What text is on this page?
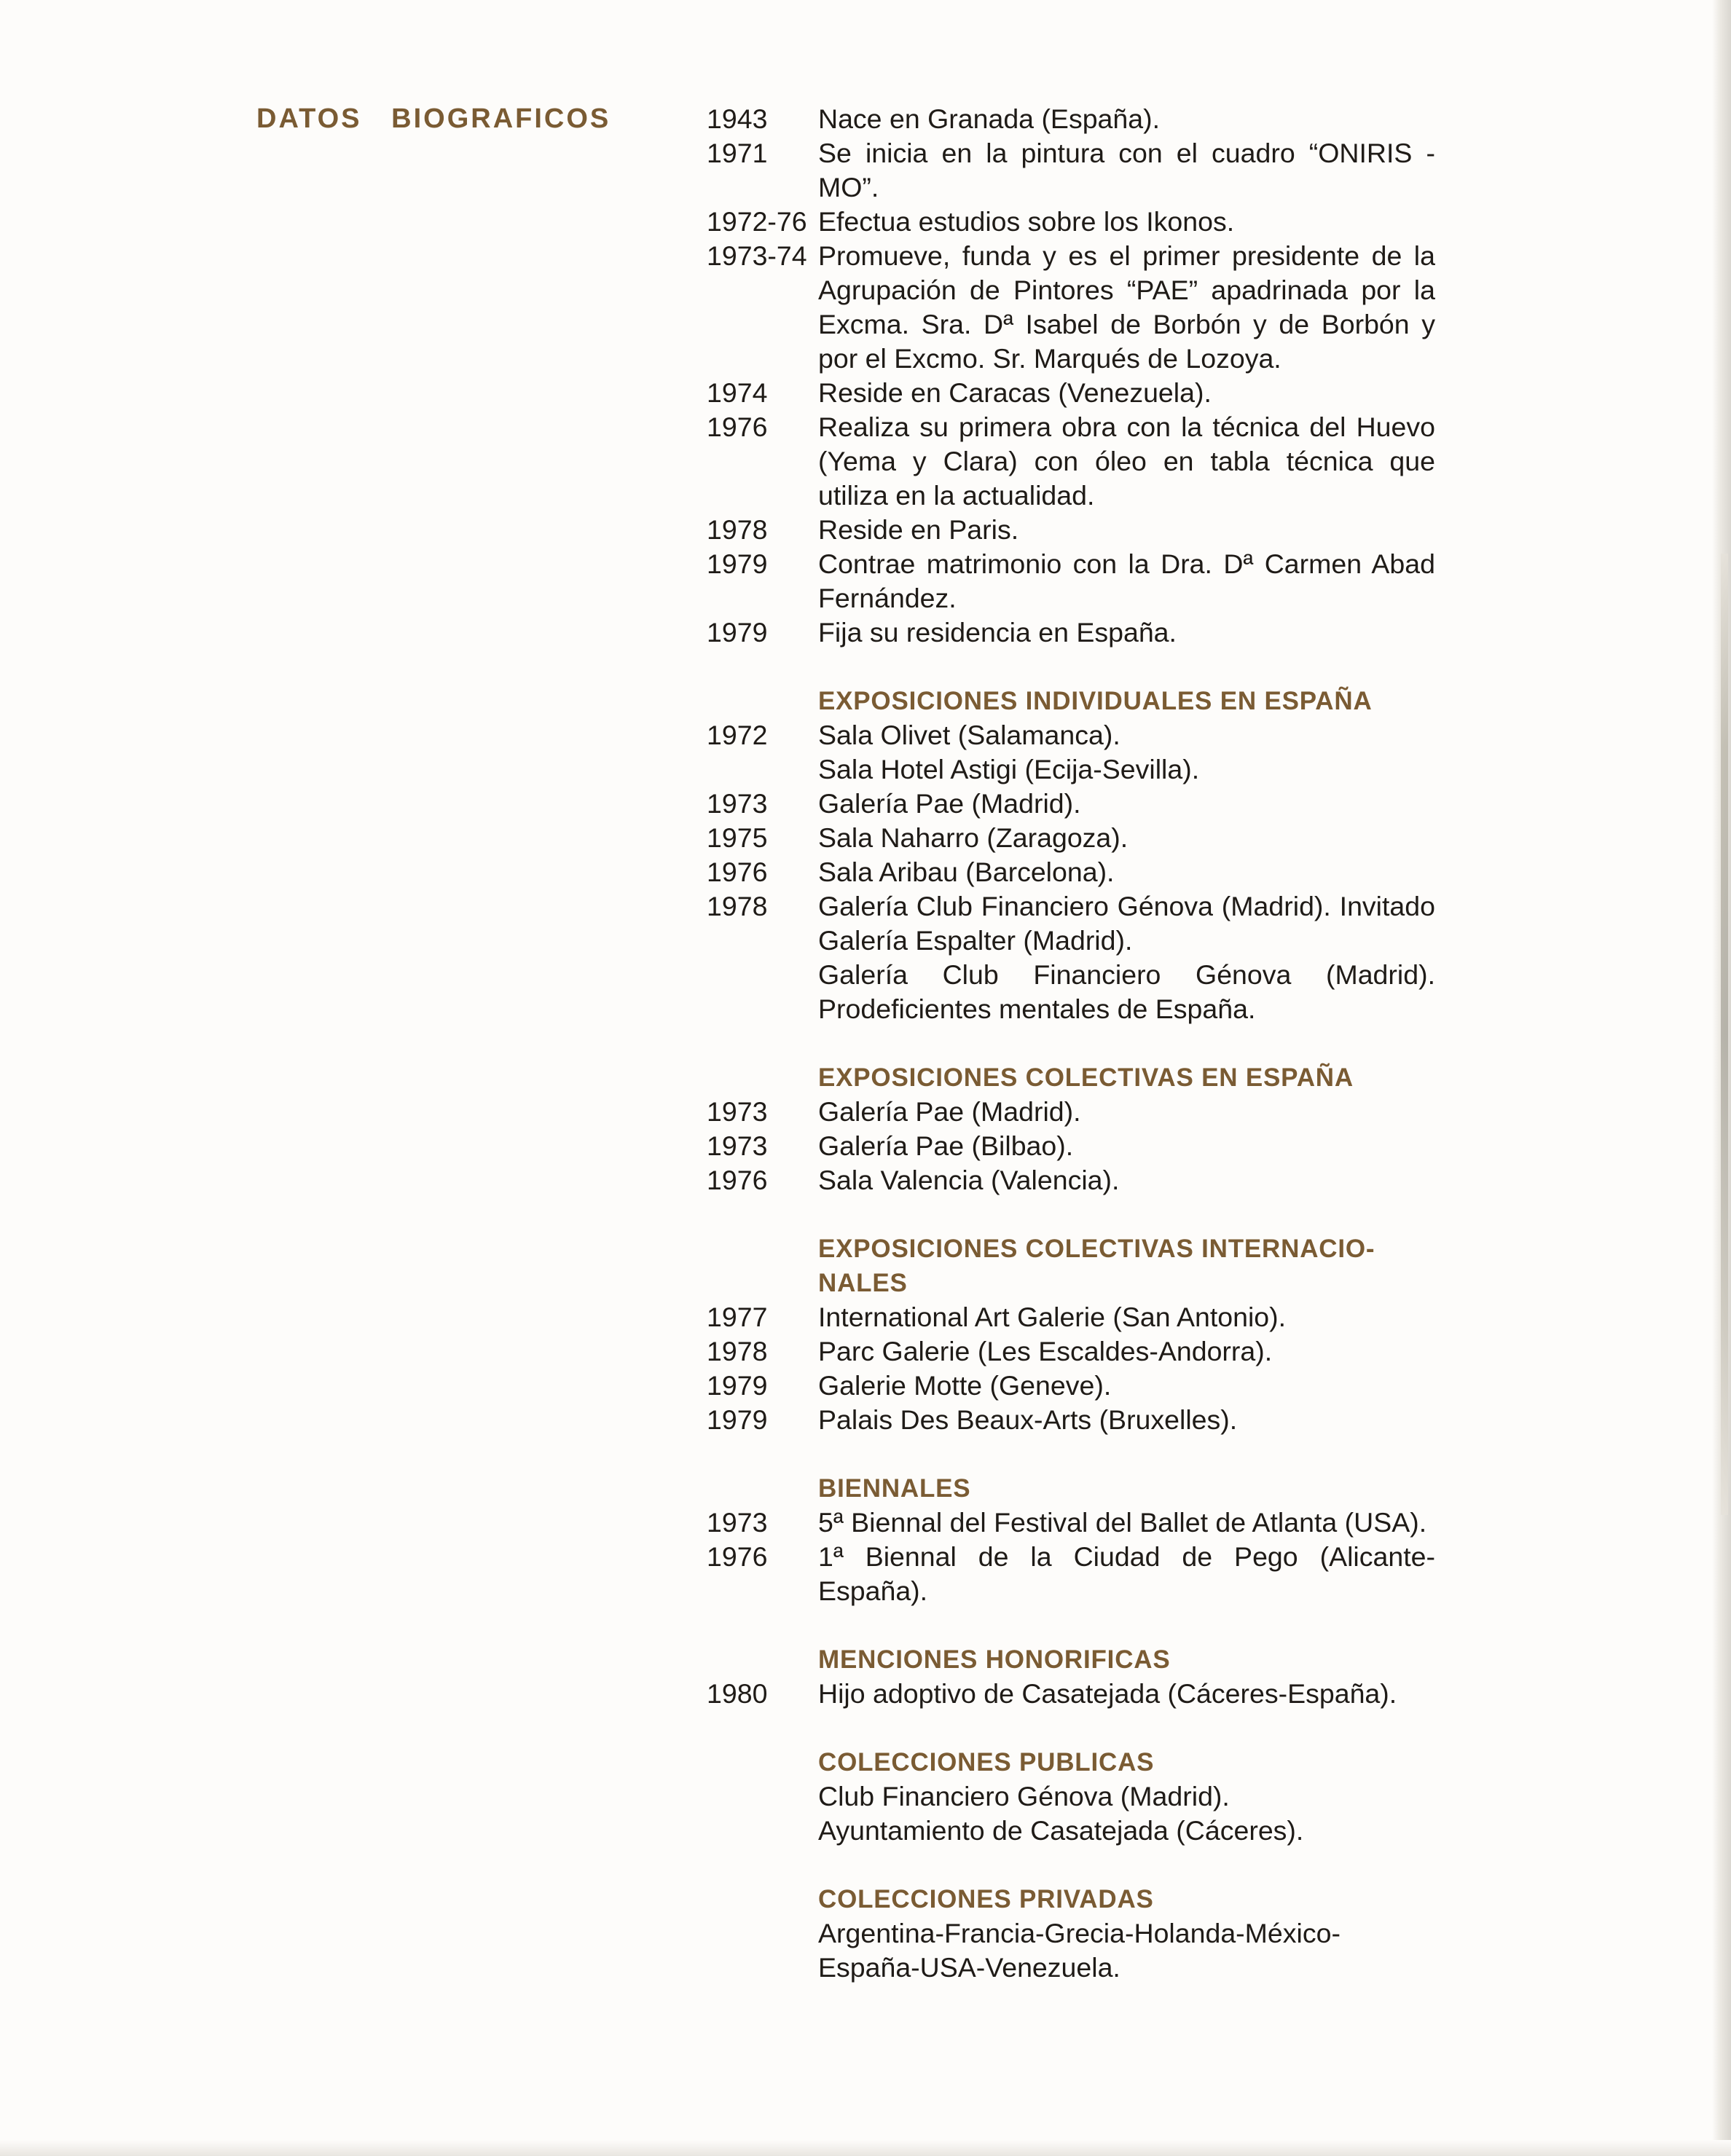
DATOS   BIOGRAFICOS	1943 Nace en Granada (España).
1971 Se inicia en la pintura con el cuadro “ONIRIS - MO”.
1972-76 Efectua estudios sobre los Ikonos.
1973-74 Promueve, funda y es el primer presidente de la Agrupación de Pintores “PAE” apadrinada por la Excma. Sra. Dª Isabel de Borbón y de Borbón y por el Excmo. Sr. Marqués de Lozoya.
1974 Reside en Caracas (Venezuela).
1976 Realiza su primera obra con la técnica del Huevo (Yema y Clara) con óleo en tabla técnica que utiliza en la actualidad.
1978 Reside en Paris.
1979 Contrae matrimonio con la Dra. Dª Carmen Abad Fernández.
1979 Fija su residencia en España.
EXPOSICIONES INDIVIDUALES EN ESPAÑA
1972 Sala Olivet (Salamanca).
Sala Hotel Astigi (Ecija-Sevilla).
1973 Galería Pae (Madrid).
1975 Sala Naharro (Zaragoza).
1976 Sala Aribau (Barcelona).
1978 Galería Club Financiero Génova (Madrid). Invitado Galería Espalter (Madrid).
Galería Club Financiero Génova (Madrid). Prodeficientes mentales de España.
EXPOSICIONES COLECTIVAS EN ESPAÑA
1973 Galería Pae (Madrid).
1973 Galería Pae (Bilbao).
1976 Sala Valencia (Valencia).
EXPOSICIONES COLECTIVAS INTERNACIO-NALES
1977 International Art Galerie (San Antonio).
1978 Parc Galerie (Les Escaldes-Andorra).
1979 Galerie Motte (Geneve).
1979 Palais Des Beaux-Arts (Bruxelles).
BIENNALES
1973 5ª Biennal del Festival del Ballet de Atlanta (USA).
1976 1ª Biennal de la Ciudad de Pego (Alicante-España).
MENCIONES HONORIFICAS
1980 Hijo adoptivo de Casatejada (Cáceres-España).
COLECCIONES PUBLICAS
Club Financiero Génova (Madrid).
Ayuntamiento de Casatejada (Cáceres).
COLECCIONES PRIVADAS
Argentina-Francia-Grecia-Holanda-México-España-USA-Venezuela.
